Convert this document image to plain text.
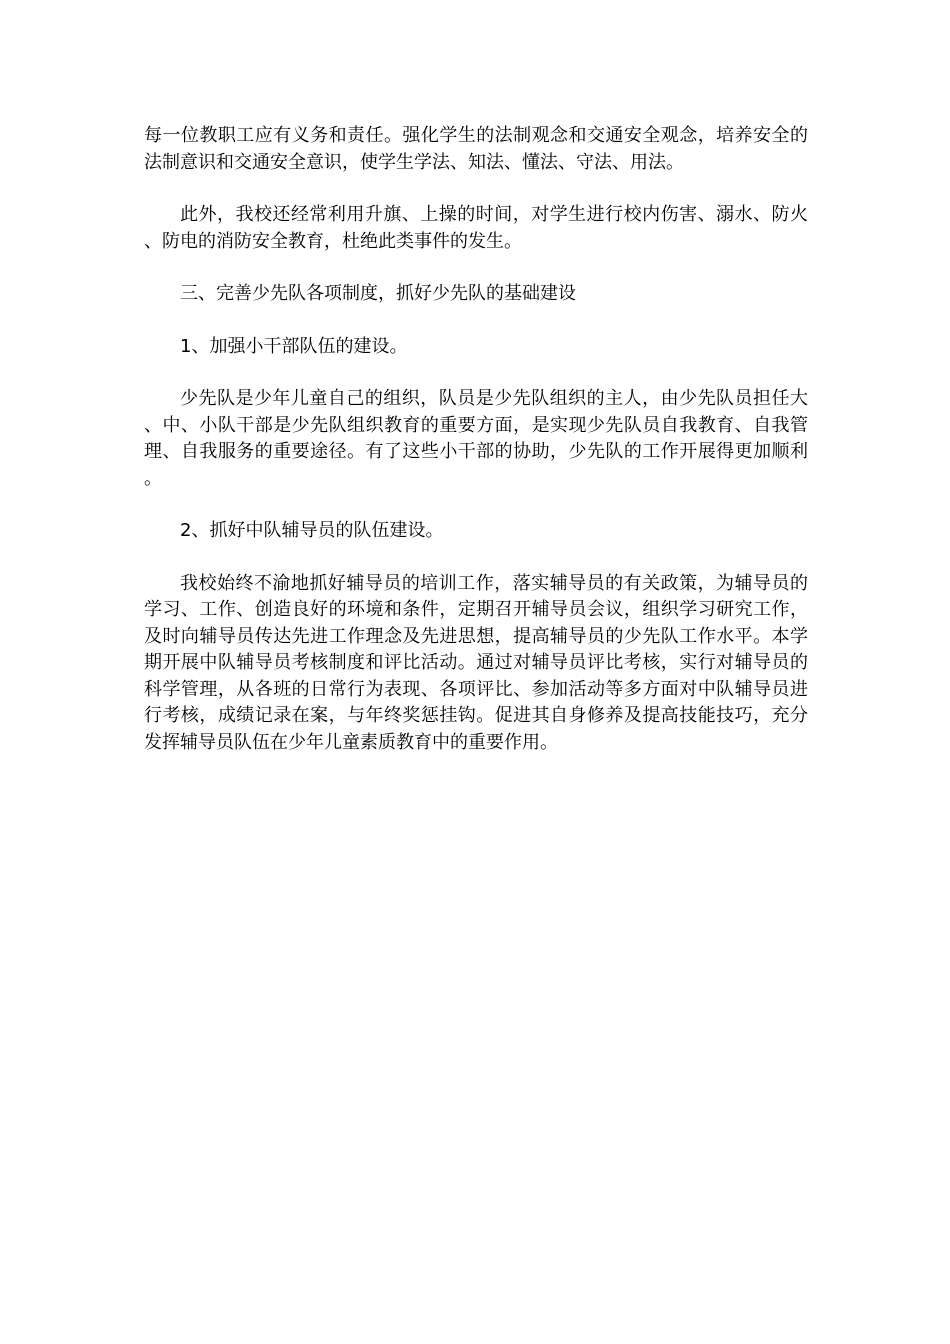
每一位教职工应有义务和责任。强化学生的法制观念和交通安全观念，培养安全的法制意识和交通安全意识，使学生学法、知法、懂法、守法、用法。

此外，我校还经常利用升旗、上操的时间，对学生进行校内伤害、溺水、防火、防电的消防安全教育，杜绝此类事件的发生。

三、完善少先队各项制度，抓好少先队的基础建设

1、加强小干部队伍的建设。

少先队是少年儿童自己的组织，队员是少先队组织的主人，由少先队员担任大、中、小队干部是少先队组织教育的重要方面，是实现少先队员自我教育、自我管理、自我服务的重要途径。有了这些小干部的协助，少先队的工作开展得更加顺利。

2、抓好中队辅导员的队伍建设。

我校始终不渝地抓好辅导员的培训工作，落实辅导员的有关政策，为辅导员的学习、工作、创造良好的环境和条件，定期召开辅导员会议，组织学习研究工作，及时向辅导员传达先进工作理念及先进思想，提高辅导员的少先队工作水平。本学期开展中队辅导员考核制度和评比活动。通过对辅导员评比考核，实行对辅导员的科学管理，从各班的日常行为表现、各项评比、参加活动等多方面对中队辅导员进行考核，成绩记录在案，与年终奖惩挂钩。促进其自身修养及提高技能技巧，充分发挥辅导员队伍在少年儿童素质教育中的重要作用。
